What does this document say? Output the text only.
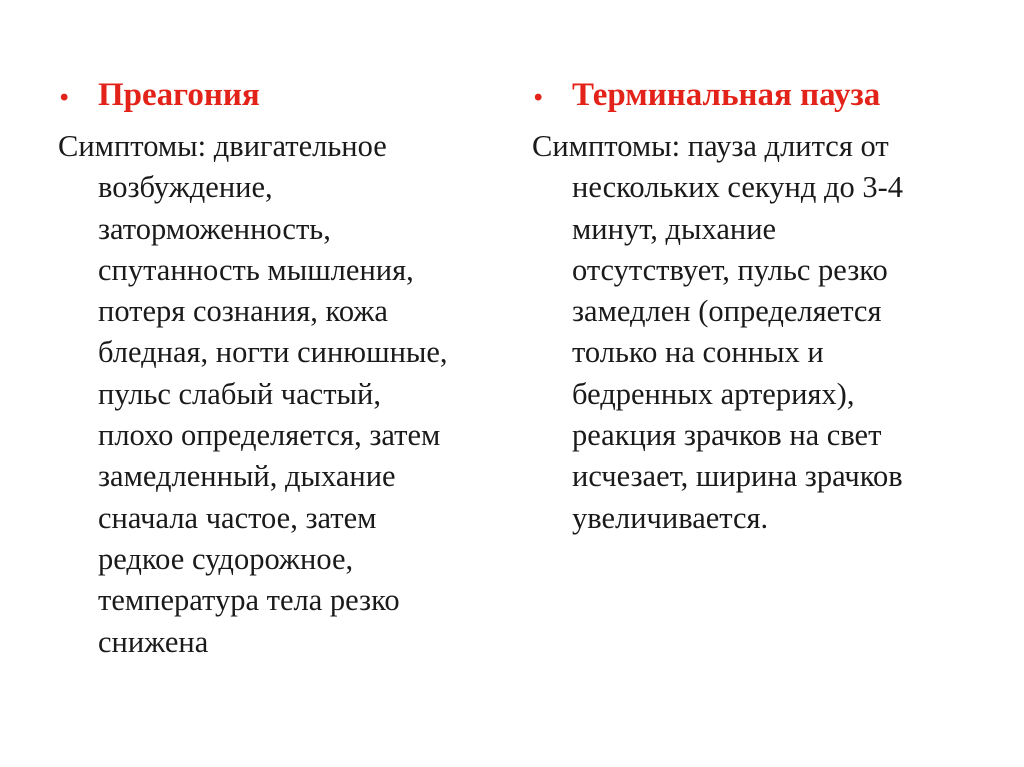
• Преагония

Симптомы: двигательное
возбуждение,
заторможенность,
спутанность мышления,
потеря сознания, кожа
бледная, ногти синюшные,
пульс слабый частый,
плохо определяется, затем
замедленный, дыхание
сначала частое, затем
редкое судорожное,
температура тела резко
снижена

• Терминальная пауза

Симптомы: пауза длится от
нескольких секунд до 3-4
минут, дыхание
отсутствует, пульс резко
замедлен (определяется
только на сонных и
бедренных артериях),
реакция зрачков на свет
исчезает, ширина зрачков
увеличивается.
